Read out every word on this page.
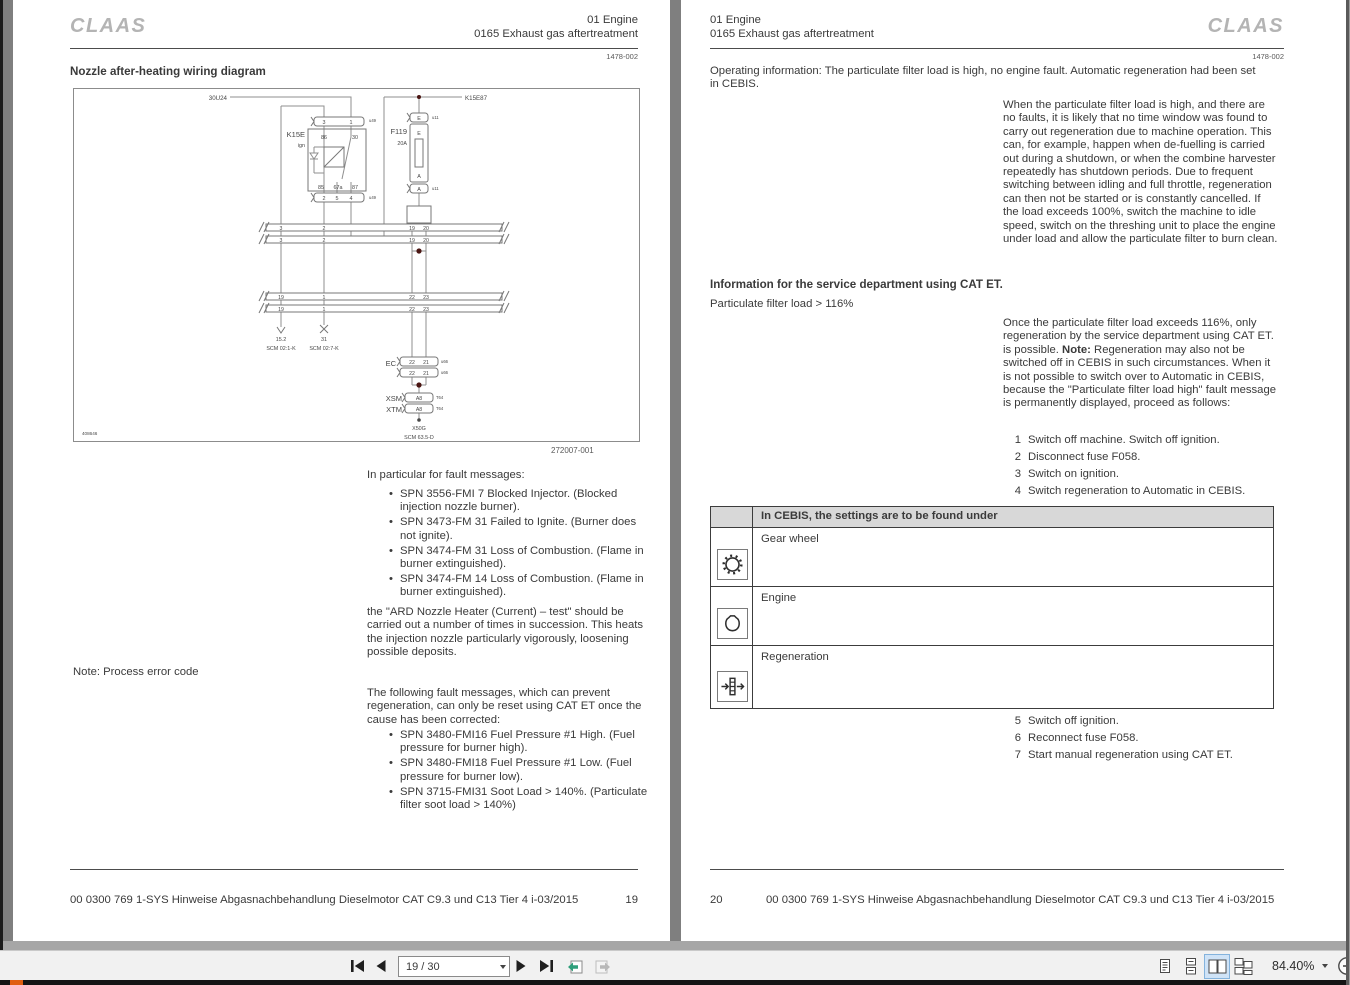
CLAAS	01 Engine
0165 Exhaust gas aftertreatment
1478-002
Nozzle after-heating wiring diagram
30U24	K15E87
K15E
ign
3	1	u49
86	30
85 67a 87
2 5 4	u49
F119
20A
E
E
A
A
u11
u11
3	2	19 20
3	2	19 20
19	1	22 23
19	1	22 23
15.2
SCM 02:1-K
31
SCM 02:7-K
EC	22 21
22 21
u66
u66
XSM	A8
XTM	A8
T64
T64
X50G
SCM 63.5-D
408646
272007-001
In particular for fault messages:
• SPN 3556-FMI 7 Blocked Injector. (Blocked injection nozzle burner).
• SPN 3473-FM 31 Failed to Ignite. (Burner does not ignite).
• SPN 3474-FM 31 Loss of Combustion. (Flame in burner extinguished).
• SPN 3474-FM 14 Loss of Combustion. (Flame in burner extinguished).
the "ARD Nozzle Heater (Current) – test" should be carried out a number of times in succession. This heats the injection nozzle particularly vigorously, loosening possible deposits.
Note: Process error code
The following fault messages, which can prevent regeneration, can only be reset using CAT ET once the cause has been corrected:
• SPN 3480-FMI16 Fuel Pressure #1 High. (Fuel pressure for burner high).
• SPN 3480-FMI18 Fuel Pressure #1 Low. (Fuel pressure for burner low).
• SPN 3715-FMI31 Soot Load > 140%. (Particulate filter soot load > 140%)
00 0300 769 1-SYS Hinweise Abgasnachbehandlung Dieselmotor CAT C9.3 und C13 Tier 4 i-03/2015	19
01 Engine
0165 Exhaust gas aftertreatment	CLAAS
1478-002
Operating information: The particulate filter load is high, no engine fault. Automatic regeneration had been set in CEBIS.
When the particulate filter load is high, and there are no faults, it is likely that no time window was found to carry out regeneration due to machine operation. This can, for example, happen when de-fuelling is carried out during a shutdown, or when the combine harvester repeatedly has shutdown periods. Due to frequent switching between idling and full throttle, regeneration can then not be started or is constantly cancelled. If the load exceeds 100%, switch the machine to idle speed, switch on the threshing unit to place the engine under load and allow the particulate filter to burn clean.
Information for the service department using CAT ET.
Particulate filter load > 116%
Once the particulate filter load exceeds 116%, only regeneration by the service department using CAT ET. is possible. Note: Regeneration may also not be switched off in CEBIS in such circumstances. When it is not possible to switch over to Automatic in CEBIS, because the "Particulate filter load high" fault message is permanently displayed, proceed as follows:
1 Switch off machine. Switch off ignition.
2 Disconnect fuse F058.
3 Switch on ignition.
4 Switch regeneration to Automatic in CEBIS.
	In CEBIS, the settings are to be found under

	Gear wheel

	Engine

	Regeneration
5 Switch off ignition.
6 Reconnect fuse F058.
7 Start manual regeneration using CAT ET.
20	00 0300 769 1-SYS Hinweise Abgasnachbehandlung Dieselmotor CAT C9.3 und C13 Tier 4 i-03/2015
19 / 30	84.40%
